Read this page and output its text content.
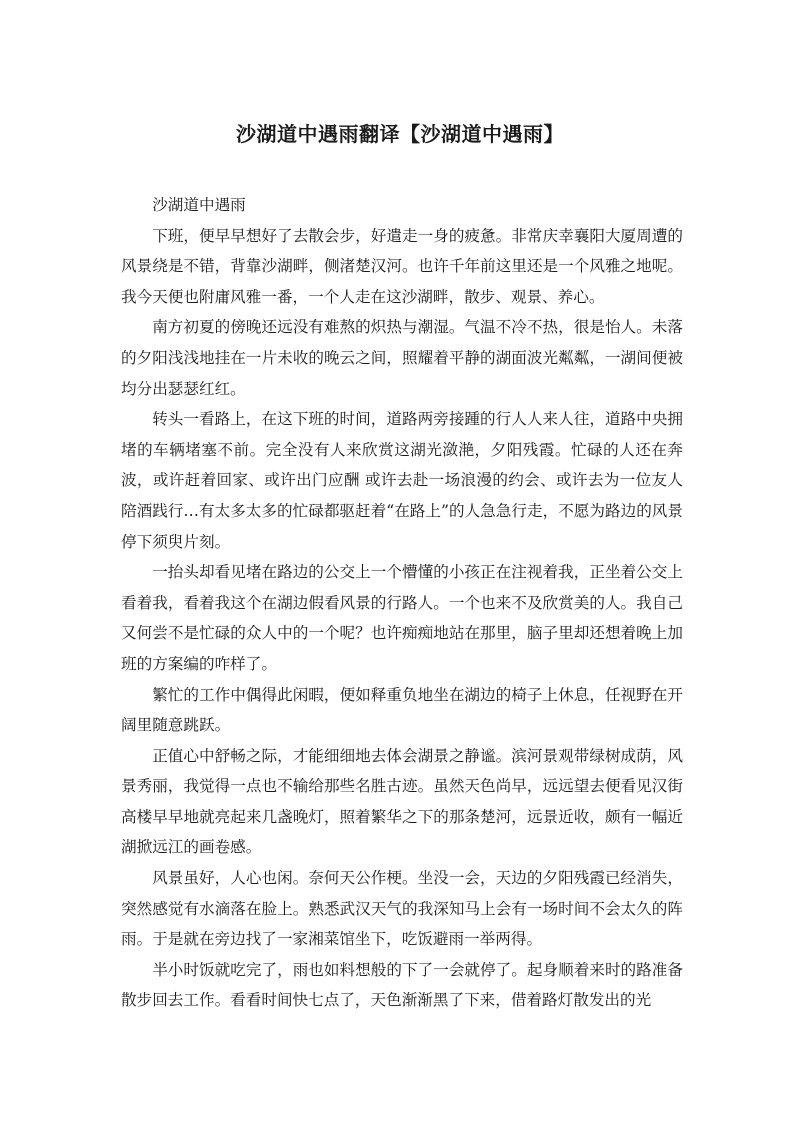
沙湖道中遇雨翻译【沙湖道中遇雨】

沙湖道中遇雨

下班，便早早想好了去散会步，好遣走一身的疲惫。非常庆幸襄阳大厦周遭的风景绕是不错，背靠沙湖畔，侧渚楚汉河。也许千年前这里还是一个风雅之地呢。我今天便也附庸风雅一番，一个人走在这沙湖畔，散步、观景、养心。

南方初夏的傍晚还远没有难熬的炽热与潮湿。气温不冷不热，很是怡人。未落的夕阳浅浅地挂在一片未收的晚云之间，照耀着平静的湖面波光粼粼，一湖间便被均分出瑟瑟红红。

转头一看路上，在这下班的时间，道路两旁接踵的行人人来人往，道路中央拥堵的车辆堵塞不前。完全没有人来欣赏这湖光潋滟，夕阳残霞。忙碌的人还在奔波，或许赶着回家、或许出门应酬 或许去赴一场浪漫的约会、或许去为一位友人陪酒践行…有太多太多的忙碌都驱赶着“在路上”的人急急行走，不愿为路边的风景停下须臾片刻。

一抬头却看见堵在路边的公交上一个懵懂的小孩正在注视着我，正坐着公交上看着我，看着我这个在湖边假看风景的行路人。一个也来不及欣赏美的人。我自己又何尝不是忙碌的众人中的一个呢？也许痴痴地站在那里，脑子里却还想着晚上加班的方案编的咋样了。

繁忙的工作中偶得此闲暇，便如释重负地坐在湖边的椅子上休息，任视野在开阔里随意跳跃。

正值心中舒畅之际，才能细细地去体会湖景之静谧。滨河景观带绿树成荫，风景秀丽，我觉得一点也不输给那些名胜古迹。虽然天色尚早，远远望去便看见汉街高楼早早地就亮起来几盏晚灯，照着繁华之下的那条楚河，远景近收，颇有一幅近湖掀远江的画卷感。

风景虽好，人心也闲。奈何天公作梗。坐没一会，天边的夕阳残霞已经消失，突然感觉有水滴落在脸上。熟悉武汉天气的我深知马上会有一场时间不会太久的阵雨。于是就在旁边找了一家湘菜馆坐下，吃饭避雨一举两得。

半小时饭就吃完了，雨也如料想般的下了一会就停了。起身顺着来时的路准备散步回去工作。看看时间快七点了，天色渐渐黑了下来，借着路灯散发出的光
